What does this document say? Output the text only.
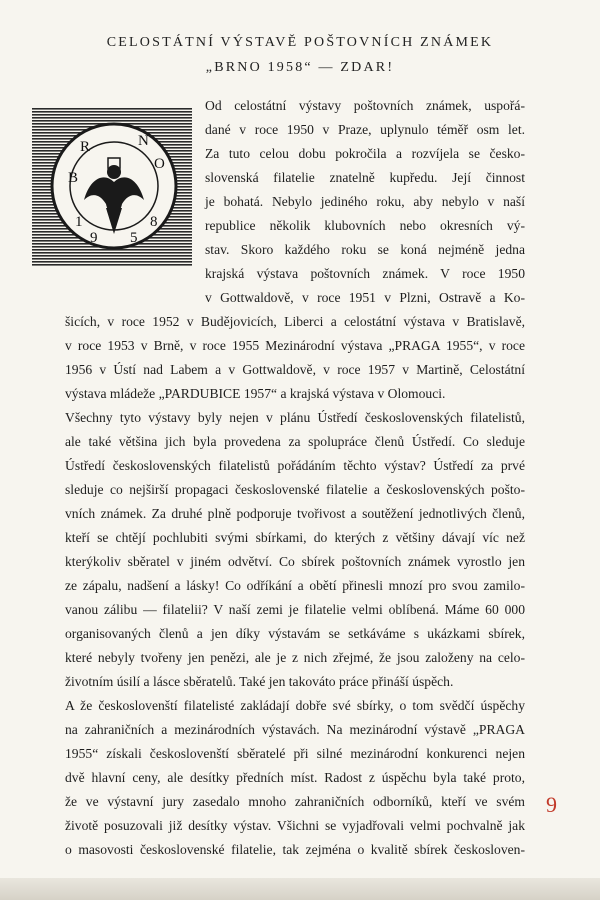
CELOSTÁTNÍ VÝSTAVĚ POŠTOVNÍCH ZNÁMEK
„BRNO 1958“ — ZDAR!
B
R	N
O
1
9 5
8
Od celostátní výstavy poštovních známek, uspořá-
dané v roce 1950 v Praze, uplynulo téměř osm let.
Za tuto celou dobu pokročila a rozvíjela se česko-
slovenská filatelie znatelně kupředu. Její činnost
je bohatá. Nebylo jediného roku, aby nebylo v naší
republice několik klubovních nebo okresních vý-
stav. Skoro každého roku se koná nejméně jedna
krajská výstava poštovních známek. V roce 1950
v Gottwaldově, v roce 1951 v Plzni, Ostravě a Ko-
šicích, v roce 1952 v Budějovicích, Liberci a celostátní výstava v Bratislavě,
v roce 1953 v Brně, v roce 1955 Mezinárodní výstava „PRAGA 1955“, v roce
1956 v Ústí nad Labem a v Gottwaldově, v roce 1957 v Martině, Celostátní
výstava mládeže „PARDUBICE 1957“ a krajská výstava v Olomouci.
Všechny tyto výstavy byly nejen v plánu Ústředí československých filatelistů,
ale také většina jich byla provedena za spolupráce členů Ústředí. Co sleduje
Ústředí československých filatelistů pořádáním těchto výstav? Ústředí za prvé
sleduje co nejširší propagaci československé filatelie a československých pošto-
vních známek. Za druhé plně podporuje tvořivost a soutěžení jednotlivých členů,
kteří se chtějí pochlubiti svými sbírkami, do kterých z většiny dávají víc než
kterýkoliv sběratel v jiném odvětví. Co sbírek poštovních známek vyrostlo jen
ze zápalu, nadšení a lásky! Co odříkání a obětí přinesli mnozí pro svou zamilo-
vanou zálibu — filatelii? V naší zemi je filatelie velmi oblíbená. Máme 60 000
organisovaných členů a jen díky výstavám se setkáváme s ukázkami sbírek,
které nebyly tvořeny jen penězi, ale je z nich zřejmé, že jsou založeny na celo-
životním úsilí a lásce sběratelů. Také jen takováto práce přináší úspěch.
A že českoslovenští filatelisté zakládají dobře své sbírky, o tom svědčí úspěchy
na zahraničních a mezinárodních výstavách. Na mezinárodní výstavě „PRAGA
1955“ získali českoslovenští sběratelé při silné mezinárodní konkurenci nejen
dvě hlavní ceny, ale desítky předních míst. Radost z úspěchu byla také proto,
že ve výstavní jury zasedalo mnoho zahraničních odborníků, kteří ve svém
životě posuzovali již desítky výstav. Všichni se vyjadřovali velmi pochvalně jak
o masovosti československé filatelie, tak zejména o kvalitě sbírek českosloven-
9
